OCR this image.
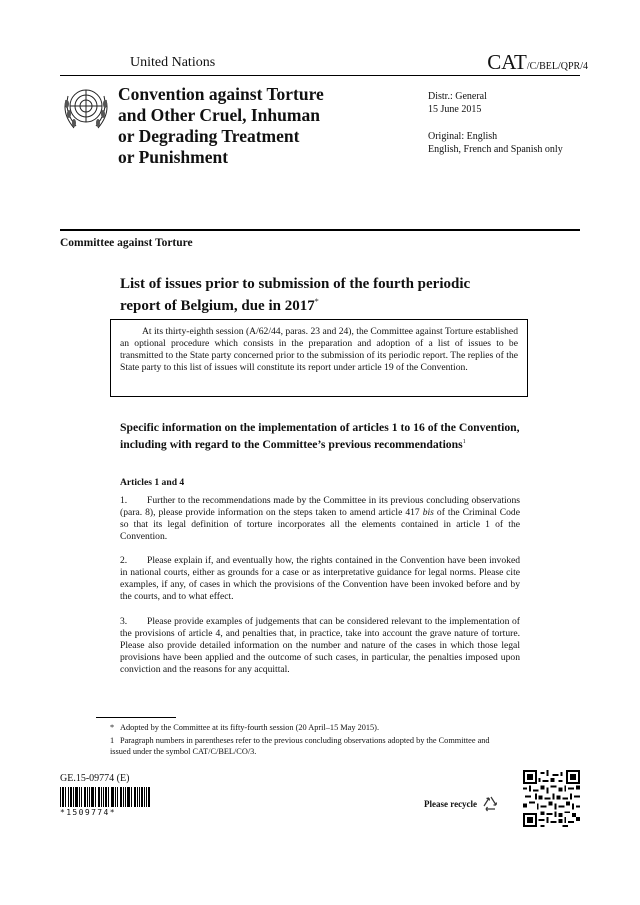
United Nations	CAT/C/BEL/QPR/4
Convention against Torture
and Other Cruel, Inhuman
or Degrading Treatment
or Punishment
Distr.: General
15 June 2015
Original: English
English, French and Spanish only
Committee against Torture
List of issues prior to submission of the fourth periodic
report of Belgium, due in 2017*
At its thirty-eighth session (A/62/44, paras. 23 and 24), the Committee against Torture established an optional procedure which consists in the preparation and adoption of a list of issues to be transmitted to the State party concerned prior to the submission of its periodic report. The replies of the State party to this list of issues will constitute its report under article 19 of the Convention.
Specific information on the implementation of articles 1 to 16 of the Convention, including with regard to the Committee’s previous recommendations$^1$
Articles 1 and 4
1. Further to the recommendations made by the Committee in its previous concluding observations (para. 8), please provide information on the steps taken to amend article 417 bis of the Criminal Code so that its legal definition of torture incorporates all the elements contained in article 1 of the Convention.
2. Please explain if, and eventually how, the rights contained in the Convention have been invoked in national courts, either as grounds for a case or as interpretative guidance for legal norms. Please cite examples, if any, of cases in which the provisions of the Convention have been invoked before and by the courts, and to what effect.
3. Please provide examples of judgements that can be considered relevant to the implementation of the provisions of article 4, and penalties that, in practice, take into account the grave nature of torture. Please also provide detailed information on the number and nature of the cases in which those legal provisions have been applied and the outcome of such cases, in particular, the penalties imposed upon conviction and the reasons for any acquittal.
* Adopted by the Committee at its fifty-fourth session (20 April–15 May 2015).
1 Paragraph numbers in parentheses refer to the previous concluding observations adopted by the Committee and issued under the symbol CAT/C/BEL/CO/3.
GE.15-09774 (E)
*1509774*
Please recycle
